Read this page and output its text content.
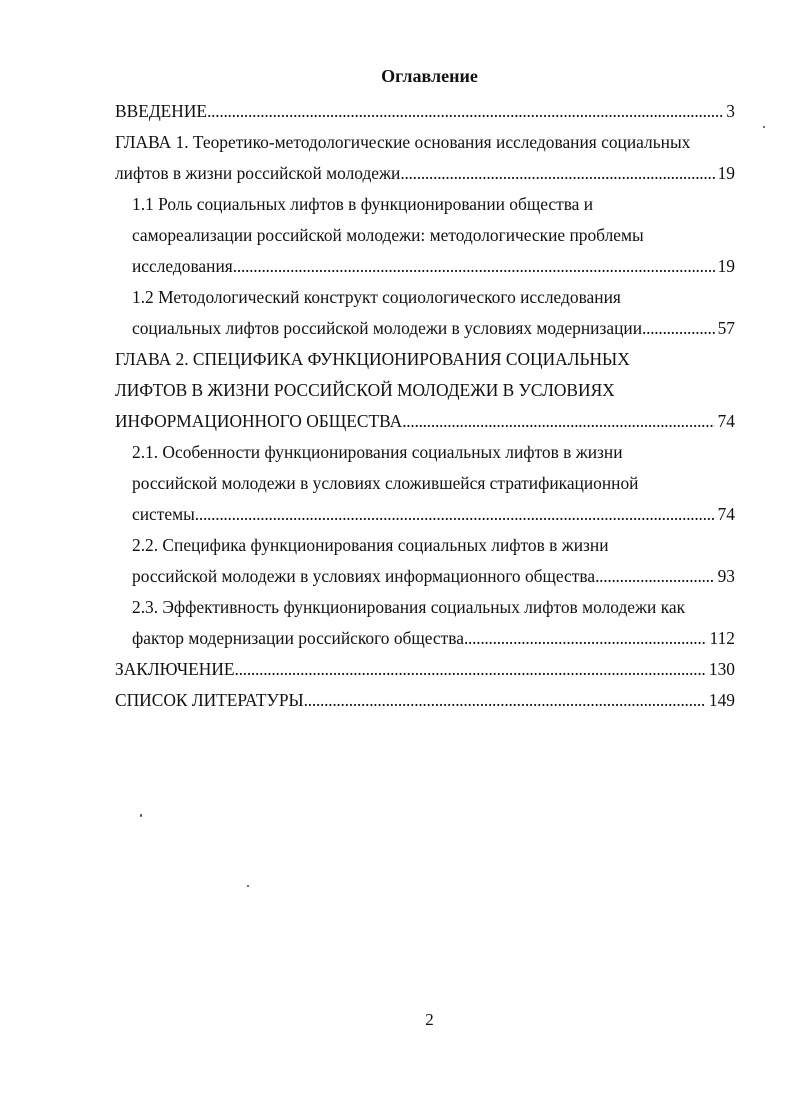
Оглавление
ВВЕДЕНИЕ . . .	3
ГЛАВА 1. Теоретико-методологические основания исследования социальных
лифтов в жизни российской молодежи . . .	19
1.1 Роль социальных лифтов в функционировании общества и
самореализации российской молодежи: методологические проблемы
исследования . . .	19
1.2 Методологический конструкт социологического исследования
социальных лифтов российской молодежи в условиях модернизации . . .	57
ГЛАВА 2. СПЕЦИФИКА ФУНКЦИОНИРОВАНИЯ СОЦИАЛЬНЫХ
ЛИФТОВ В ЖИЗНИ РОССИЙСКОЙ МОЛОДЕЖИ В УСЛОВИЯХ
ИНФОРМАЦИОННОГО ОБЩЕСТВА . . .	74
2.1. Особенности функционирования социальных лифтов в жизни
российской молодежи в условиях сложившейся стратификационной
системы . . .	74
2.2. Специфика функционирования социальных лифтов в жизни
российской молодежи в условиях информационного общества . . .	93
2.3. Эффективность функционирования социальных лифтов молодежи как
фактор модернизации российского общества . . .	112
ЗАКЛЮЧЕНИЕ . . .	130
СПИСОК ЛИТЕРАТУРЫ . . .	149
2
